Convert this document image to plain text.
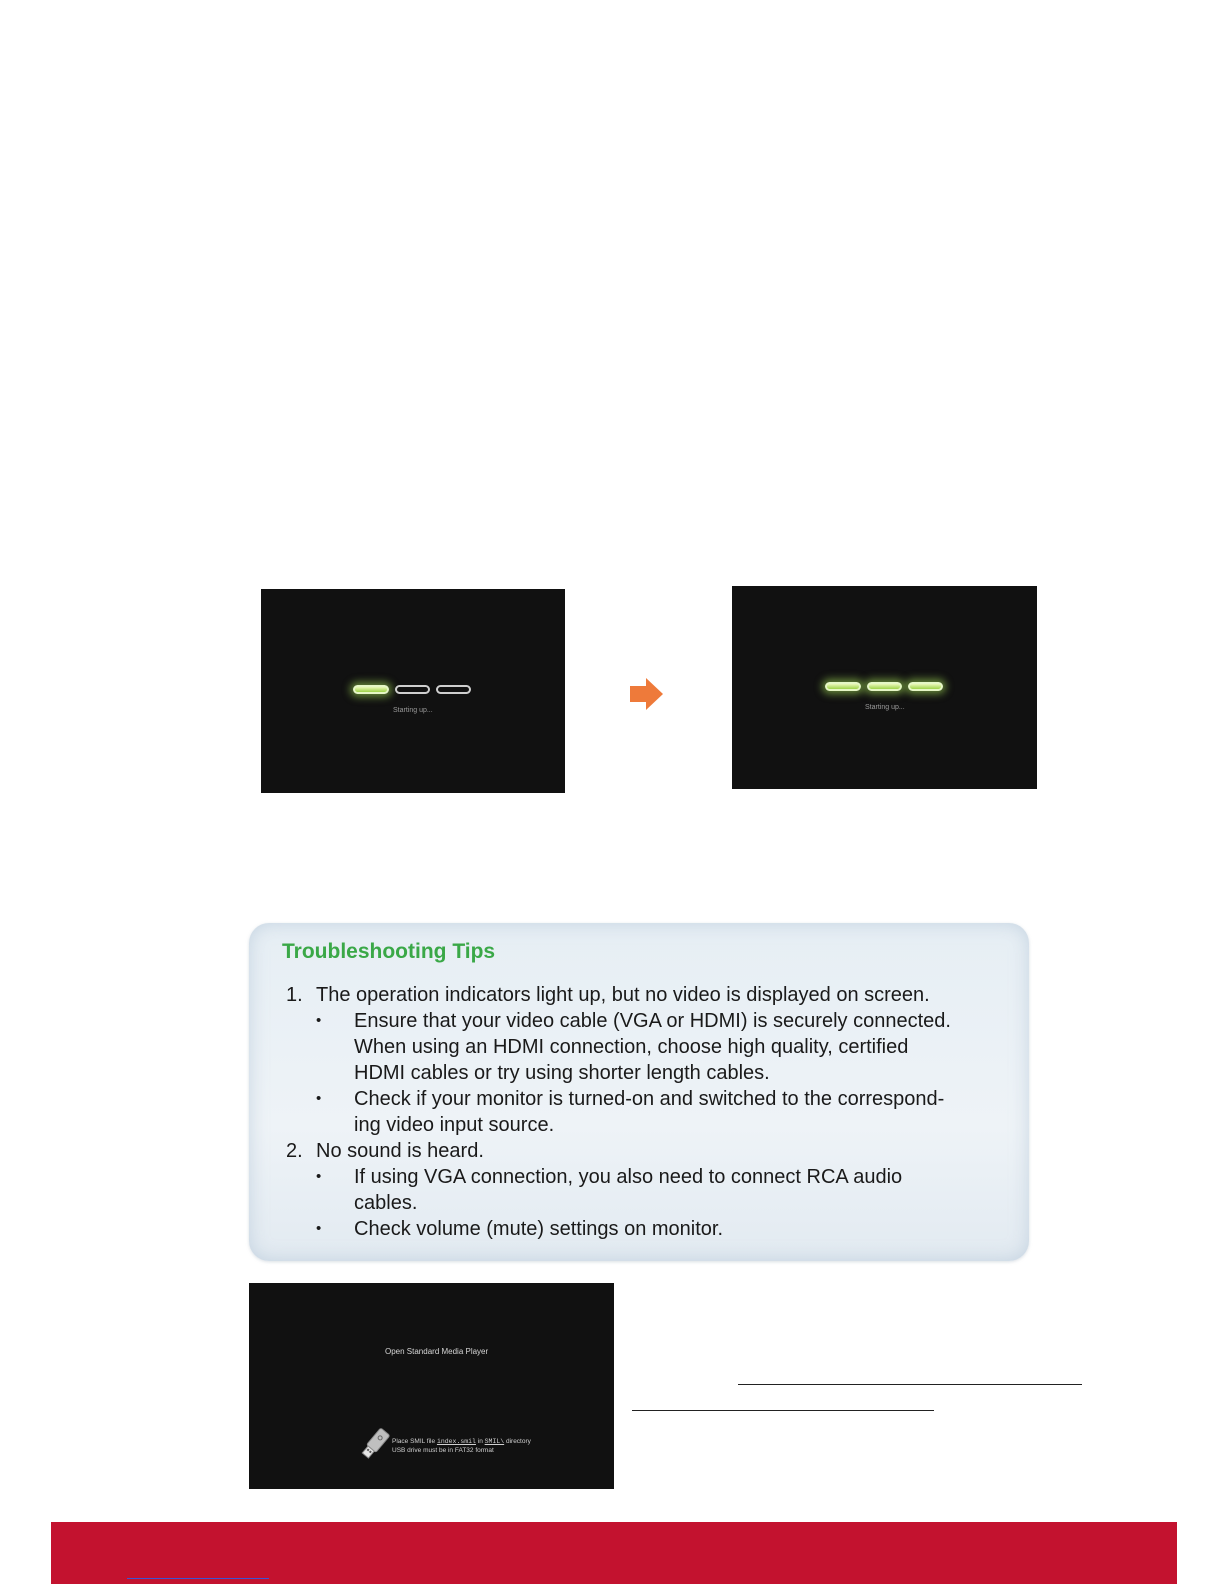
Starting up...	Starting up...
Troubleshooting Tips
1. The operation indicators light up, but no video is displayed on screen.
• Ensure that your video cable (VGA or HDMI) is securely connected.
When using an HDMI connection, choose high quality, certified
HDMI cables or try using shorter length cables.
• Check if your monitor is turned-on and switched to the correspond-
ing video input source.
2. No sound is heard.
• If using VGA connection, you also need to connect RCA audio
cables.
• Check volume (mute) settings on monitor.
Open Standard Media Player
Place SMIL file index.smil in SMIL\ directory
USB drive must be in FAT32 format
